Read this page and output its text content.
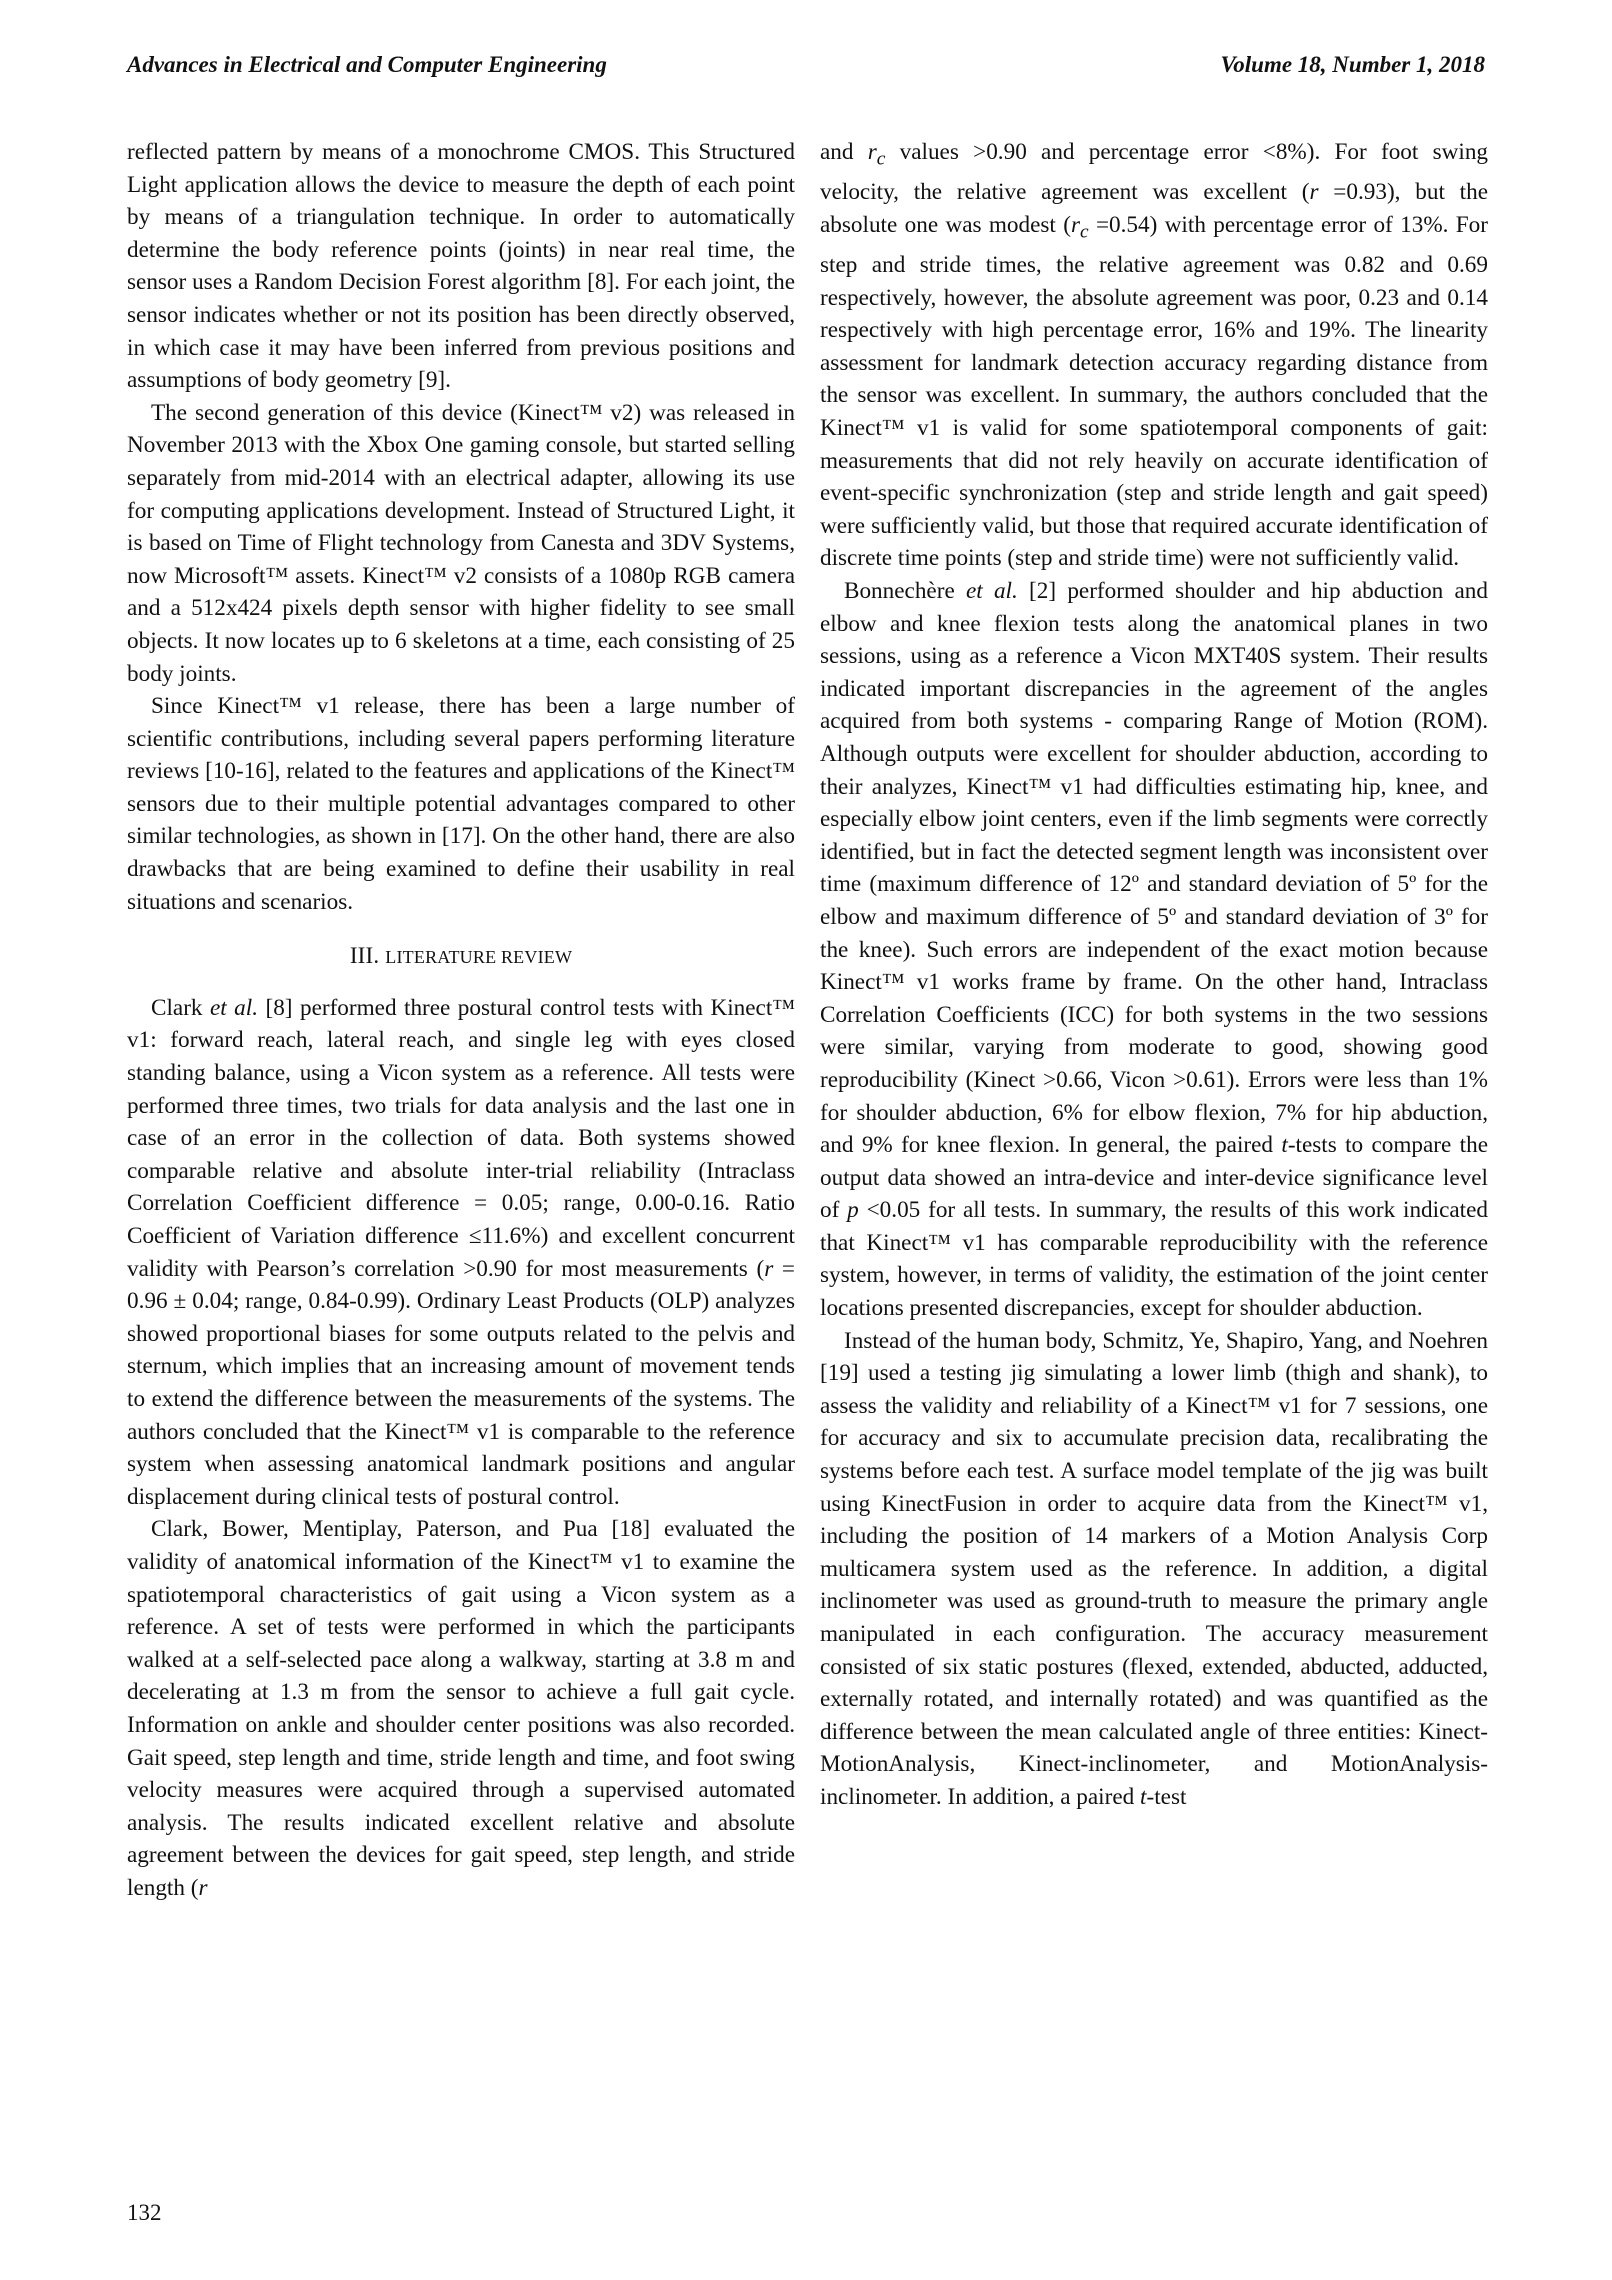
Advances in Electrical and Computer Engineering	Volume 18, Number 1, 2018

reflected pattern by means of a monochrome CMOS. This Structured Light application allows the device to measure the depth of each point by means of a triangulation technique. In order to automatically determine the body reference points (joints) in near real time, the sensor uses a Random Decision Forest algorithm [8]. For each joint, the sensor indicates whether or not its position has been directly observed, in which case it may have been inferred from previous positions and assumptions of body geometry [9].

The second generation of this device (Kinect™ v2) was released in November 2013 with the Xbox One gaming console, but started selling separately from mid-2014 with an electrical adapter, allowing its use for computing applications development. Instead of Structured Light, it is based on Time of Flight technology from Canesta and 3DV Systems, now Microsoft™ assets. Kinect™ v2 consists of a 1080p RGB camera and a 512x424 pixels depth sensor with higher fidelity to see small objects. It now locates up to 6 skeletons at a time, each consisting of 25 body joints.

Since Kinect™ v1 release, there has been a large number of scientific contributions, including several papers performing literature reviews [10-16], related to the features and applications of the Kinect™ sensors due to their multiple potential advantages compared to other similar technologies, as shown in [17]. On the other hand, there are also drawbacks that are being examined to define their usability in real situations and scenarios.

III. LITERATURE REVIEW

Clark et al. [8] performed three postural control tests with Kinect™ v1: forward reach, lateral reach, and single leg with eyes closed standing balance, using a Vicon system as a reference. All tests were performed three times, two trials for data analysis and the last one in case of an error in the collection of data. Both systems showed comparable relative and absolute inter-trial reliability (Intraclass Correlation Coefficient difference = 0.05; range, 0.00-0.16. Ratio Coefficient of Variation difference ≤11.6%) and excellent concurrent validity with Pearson’s correlation >0.90 for most measurements (r = 0.96 ± 0.04; range, 0.84-0.99). Ordinary Least Products (OLP) analyzes showed proportional biases for some outputs related to the pelvis and sternum, which implies that an increasing amount of movement tends to extend the difference between the measurements of the systems. The authors concluded that the Kinect™ v1 is comparable to the reference system when assessing anatomical landmark positions and angular displacement during clinical tests of postural control.

Clark, Bower, Mentiplay, Paterson, and Pua [18] evaluated the validity of anatomical information of the Kinect™ v1 to examine the spatiotemporal characteristics of gait using a Vicon system as a reference. A set of tests were performed in which the participants walked at a self-selected pace along a walkway, starting at 3.8 m and decelerating at 1.3 m from the sensor to achieve a full gait cycle. Information on ankle and shoulder center positions was also recorded. Gait speed, step length and time, stride length and time, and foot swing velocity measures were acquired through a supervised automated analysis. The results indicated excellent relative and absolute agreement between the devices for gait speed, step length, and stride length (r

and $r_c$ values >0.90 and percentage error <8%). For foot swing velocity, the relative agreement was excellent (r =0.93), but the absolute one was modest $(r_c =0.54)$ with percentage error of 13%. For step and stride times, the relative agreement was 0.82 and 0.69 respectively, however, the absolute agreement was poor, 0.23 and 0.14 respectively with high percentage error, 16% and 19%. The linearity assessment for landmark detection accuracy regarding distance from the sensor was excellent. In summary, the authors concluded that the Kinect™ v1 is valid for some spatiotemporal components of gait: measurements that did not rely heavily on accurate identification of event-specific synchronization (step and stride length and gait speed) were sufficiently valid, but those that required accurate identification of discrete time points (step and stride time) were not sufficiently valid.

Bonnechère et al. [2] performed shoulder and hip abduction and elbow and knee flexion tests along the anatomical planes in two sessions, using as a reference a Vicon MXT40S system. Their results indicated important discrepancies in the agreement of the angles acquired from both systems - comparing Range of Motion (ROM). Although outputs were excellent for shoulder abduction, according to their analyzes, Kinect™ v1 had difficulties estimating hip, knee, and especially elbow joint centers, even if the limb segments were correctly identified, but in fact the detected segment length was inconsistent over time (maximum difference of 12º and standard deviation of 5º for the elbow and maximum difference of 5º and standard deviation of 3º for the knee). Such errors are independent of the exact motion because Kinect™ v1 works frame by frame. On the other hand, Intraclass Correlation Coefficients (ICC) for both systems in the two sessions were similar, varying from moderate to good, showing good reproducibility (Kinect >0.66, Vicon >0.61). Errors were less than 1% for shoulder abduction, 6% for elbow flexion, 7% for hip abduction, and 9% for knee flexion. In general, the paired t-tests to compare the output data showed an intra-device and inter-device significance level of p <0.05 for all tests. In summary, the results of this work indicated that Kinect™ v1 has comparable reproducibility with the reference system, however, in terms of validity, the estimation of the joint center locations presented discrepancies, except for shoulder abduction.

Instead of the human body, Schmitz, Ye, Shapiro, Yang, and Noehren [19] used a testing jig simulating a lower limb (thigh and shank), to assess the validity and reliability of a Kinect™ v1 for 7 sessions, one for accuracy and six to accumulate precision data, recalibrating the systems before each test. A surface model template of the jig was built using KinectFusion in order to acquire data from the Kinect™ v1, including the position of 14 markers of a Motion Analysis Corp multicamera system used as the reference. In addition, a digital inclinometer was used as ground-truth to measure the primary angle manipulated in each configuration. The accuracy measurement consisted of six static postures (flexed, extended, abducted, adducted, externally rotated, and internally rotated) and was quantified as the difference between the mean calculated angle of three entities: Kinect-MotionAnalysis, Kinect-inclinometer, and MotionAnalysis-inclinometer. In addition, a paired t-test

132
